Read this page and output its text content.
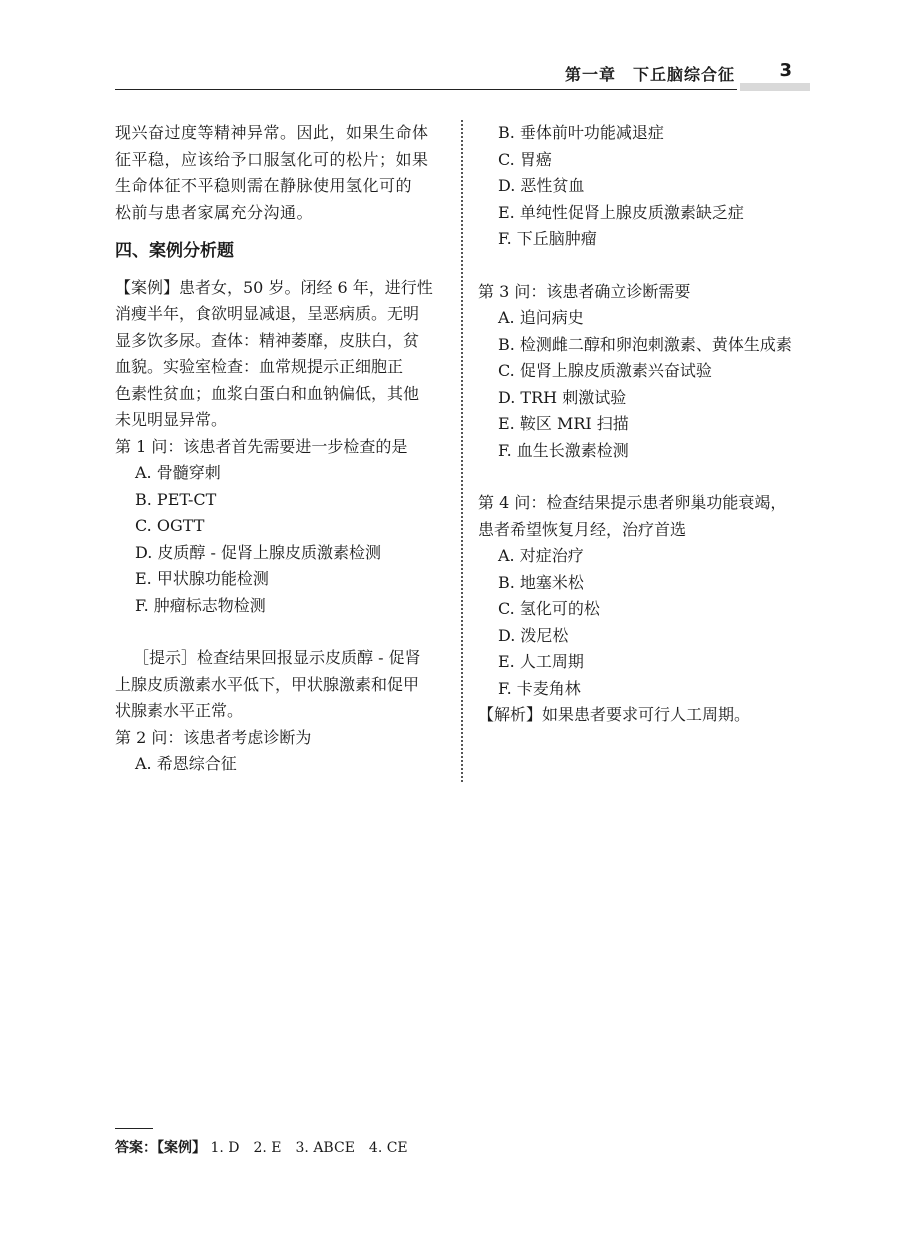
第一章　下丘脑综合征 3

现兴奋过度等精神异常。因此，如果生命体

征平稳，应该给予口服氢化可的松片；如果

生命体征不平稳则需在静脉使用氢化可的

松前与患者家属充分沟通。

四、案例分析题

【案例】患者女，50 岁。闭经 6 年，进行性

消瘦半年，食欲明显减退，呈恶病质。无明

显多饮多尿。查体：精神萎靡，皮肤白，贫

血貌。实验室检查：血常规提示正细胞正

色素性贫血；血浆白蛋白和血钠偏低，其他

未见明显异常。

第 1 问：该患者首先需要进一步检查的是

A. 骨髓穿刺

B. PET-CT

C. OGTT

D. 皮质醇 - 促肾上腺皮质激素检测

E. 甲状腺功能检测

F. 肿瘤标志物检测

［提示］检查结果回报显示皮质醇 - 促肾

上腺皮质激素水平低下，甲状腺激素和促甲

状腺素水平正常。

第 2 问：该患者考虑诊断为

A. 希恩综合征

B. 垂体前叶功能减退症

C. 胃癌

D. 恶性贫血

E. 单纯性促肾上腺皮质激素缺乏症

F. 下丘脑肿瘤

第 3 问：该患者确立诊断需要

A. 追问病史

B. 检测雌二醇和卵泡刺激素、黄体生成素

C. 促肾上腺皮质激素兴奋试验

D. TRH 刺激试验

E. 鞍区 MRI 扫描

F. 血生长激素检测

第 4 问：检查结果提示患者卵巢功能衰竭，

患者希望恢复月经，治疗首选

A. 对症治疗

B. 地塞米松

C. 氢化可的松

D. 泼尼松

E. 人工周期

F. 卡麦角林

【解析】如果患者要求可行人工周期。

答案：【案例】 1. D　2. E　3. ABCE　4. CE
